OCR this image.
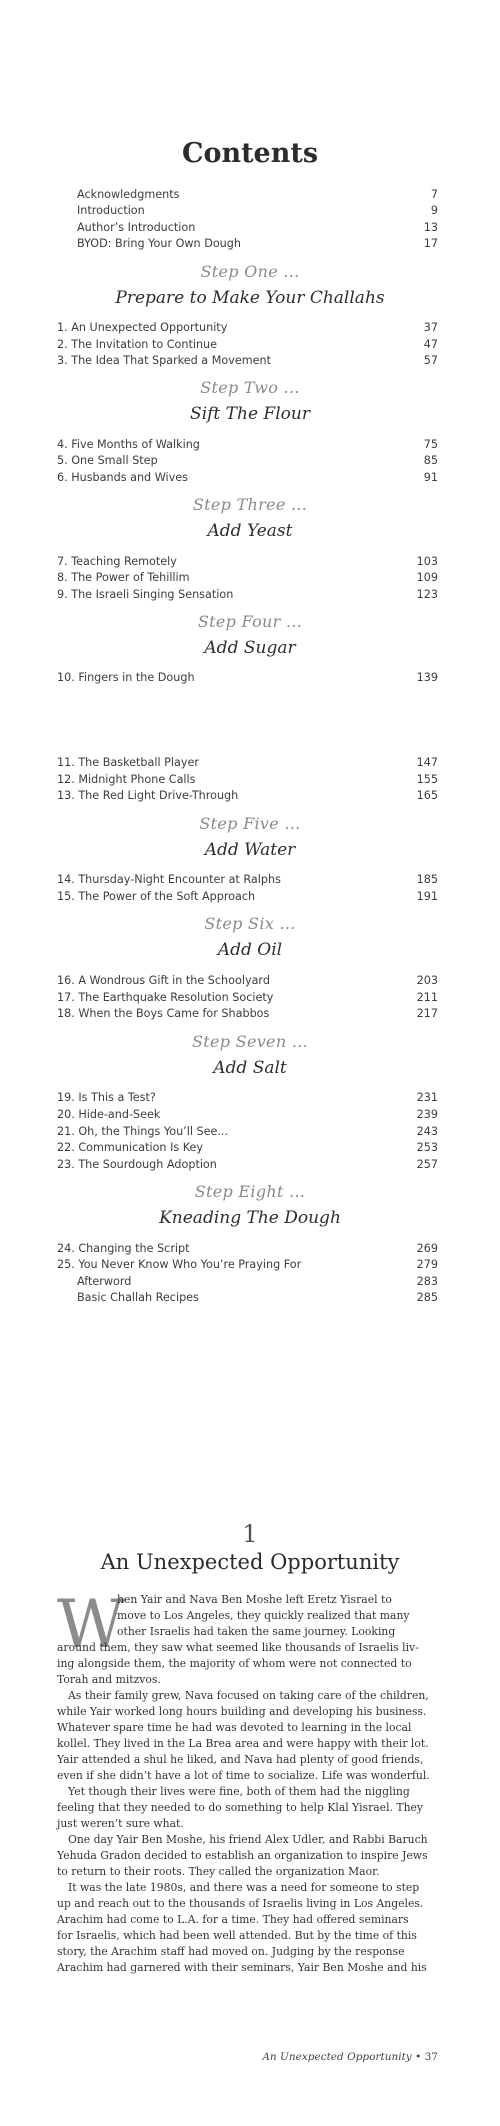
Contents
Acknowledgments	7
Introduction	9
Author’s Introduction	13
BYOD: Bring Your Own Dough	17
Step One ...
Prepare to Make Your Challahs
1. An Unexpected Opportunity	37
2. The Invitation to Continue	47
3. The Idea That Sparked a Movement	57
Step Two ...
Sift The Flour
4. Five Months of Walking	75
5. One Small Step	85
6. Husbands and Wives	91
Step Three ...
Add Yeast
7. Teaching Remotely	103
8. The Power of Tehillim	109
9. The Israeli Singing Sensation	123
Step Four ...
Add Sugar
10. Fingers in the Dough	139
11. The Basketball Player	147
12. Midnight Phone Calls	155
13. The Red Light Drive-Through	165
Step Five ...
Add Water
14. Thursday-Night Encounter at Ralphs	185
15. The Power of the Soft Approach	191
Step Six ...
Add Oil
16. A Wondrous Gift in the Schoolyard	203
17. The Earthquake Resolution Society	211
18. When the Boys Came for Shabbos	217
Step Seven ...
Add Salt
19. Is This a Test?	231
20. Hide-and-Seek	239
21. Oh, the Things You’ll See...	243
22. Communication Is Key	253
23. The Sourdough Adoption	257
Step Eight ...
Kneading The Dough
24. Changing the Script	269
25. You Never Know Who You’re Praying For	279
Afterword	283
Basic Challah Recipes	285
1
An Unexpected Opportunity
W
hen Yair and Nava Ben Moshe left Eretz Yisrael to
move to Los Angeles, they quickly realized that many
other Israelis had taken the same journey. Looking
around them, they saw what seemed like thousands of Israelis liv-
ing alongside them, the majority of whom were not connected to
Torah and mitzvos.
As their family grew, Nava focused on taking care of the children,
while Yair worked long hours building and developing his business.
Whatever spare time he had was devoted to learning in the local
kollel. They lived in the La Brea area and were happy with their lot.
Yair attended a shul he liked, and Nava had plenty of good friends,
even if she didn’t have a lot of time to socialize. Life was wonderful.
Yet though their lives were fine, both of them had the niggling
feeling that they needed to do something to help Klal Yisrael. They
just weren’t sure what.
One day Yair Ben Moshe, his friend Alex Udler, and Rabbi Baruch
Yehuda Gradon decided to establish an organization to inspire Jews
to return to their roots. They called the organization Maor.
It was the late 1980s, and there was a need for someone to step
up and reach out to the thousands of Israelis living in Los Angeles.
Arachim had come to L.A. for a time. They had offered seminars
for Israelis, which had been well attended. But by the time of this
story, the Arachim staff had moved on. Judging by the response
Arachim had garnered with their seminars, Yair Ben Moshe and his
An Unexpected Opportunity • 37
